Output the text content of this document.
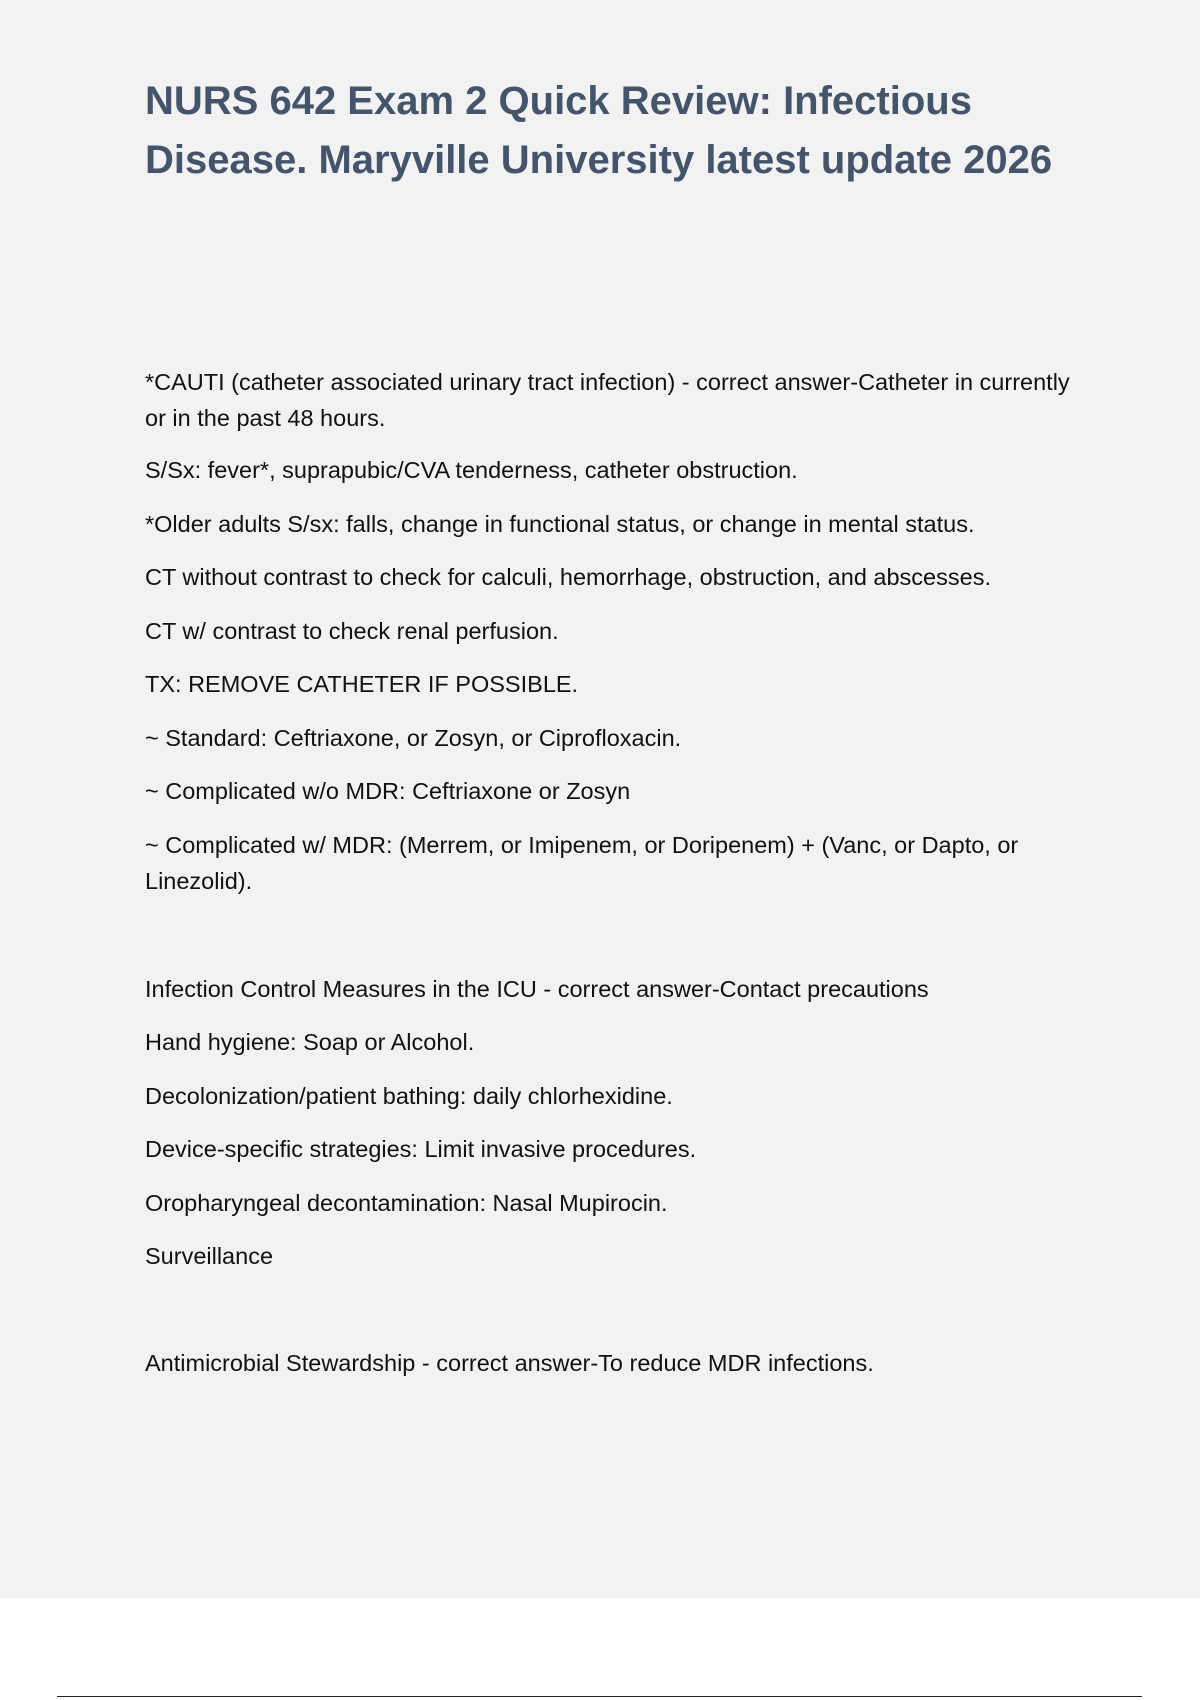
NURS 642 Exam 2 Quick Review: Infectious Disease. Maryville University latest update 2026

*CAUTI (catheter associated urinary tract infection) - correct answer-Catheter in currently or in the past 48 hours.

S/Sx: fever*, suprapubic/CVA tenderness, catheter obstruction.

*Older adults S/sx: falls, change in functional status, or change in mental status.

CT without contrast to check for calculi, hemorrhage, obstruction, and abscesses.

CT w/ contrast to check renal perfusion.

TX: REMOVE CATHETER IF POSSIBLE.

~ Standard: Ceftriaxone, or Zosyn, or Ciprofloxacin.

~ Complicated w/o MDR: Ceftriaxone or Zosyn

~ Complicated w/ MDR: (Merrem, or Imipenem, or Doripenem) + (Vanc, or Dapto, or Linezolid).

Infection Control Measures in the ICU - correct answer-Contact precautions

Hand hygiene: Soap or Alcohol.

Decolonization/patient bathing: daily chlorhexidine.

Device-specific strategies: Limit invasive procedures.

Oropharyngeal decontamination: Nasal Mupirocin.

Surveillance

Antimicrobial Stewardship - correct answer-To reduce MDR infections.
